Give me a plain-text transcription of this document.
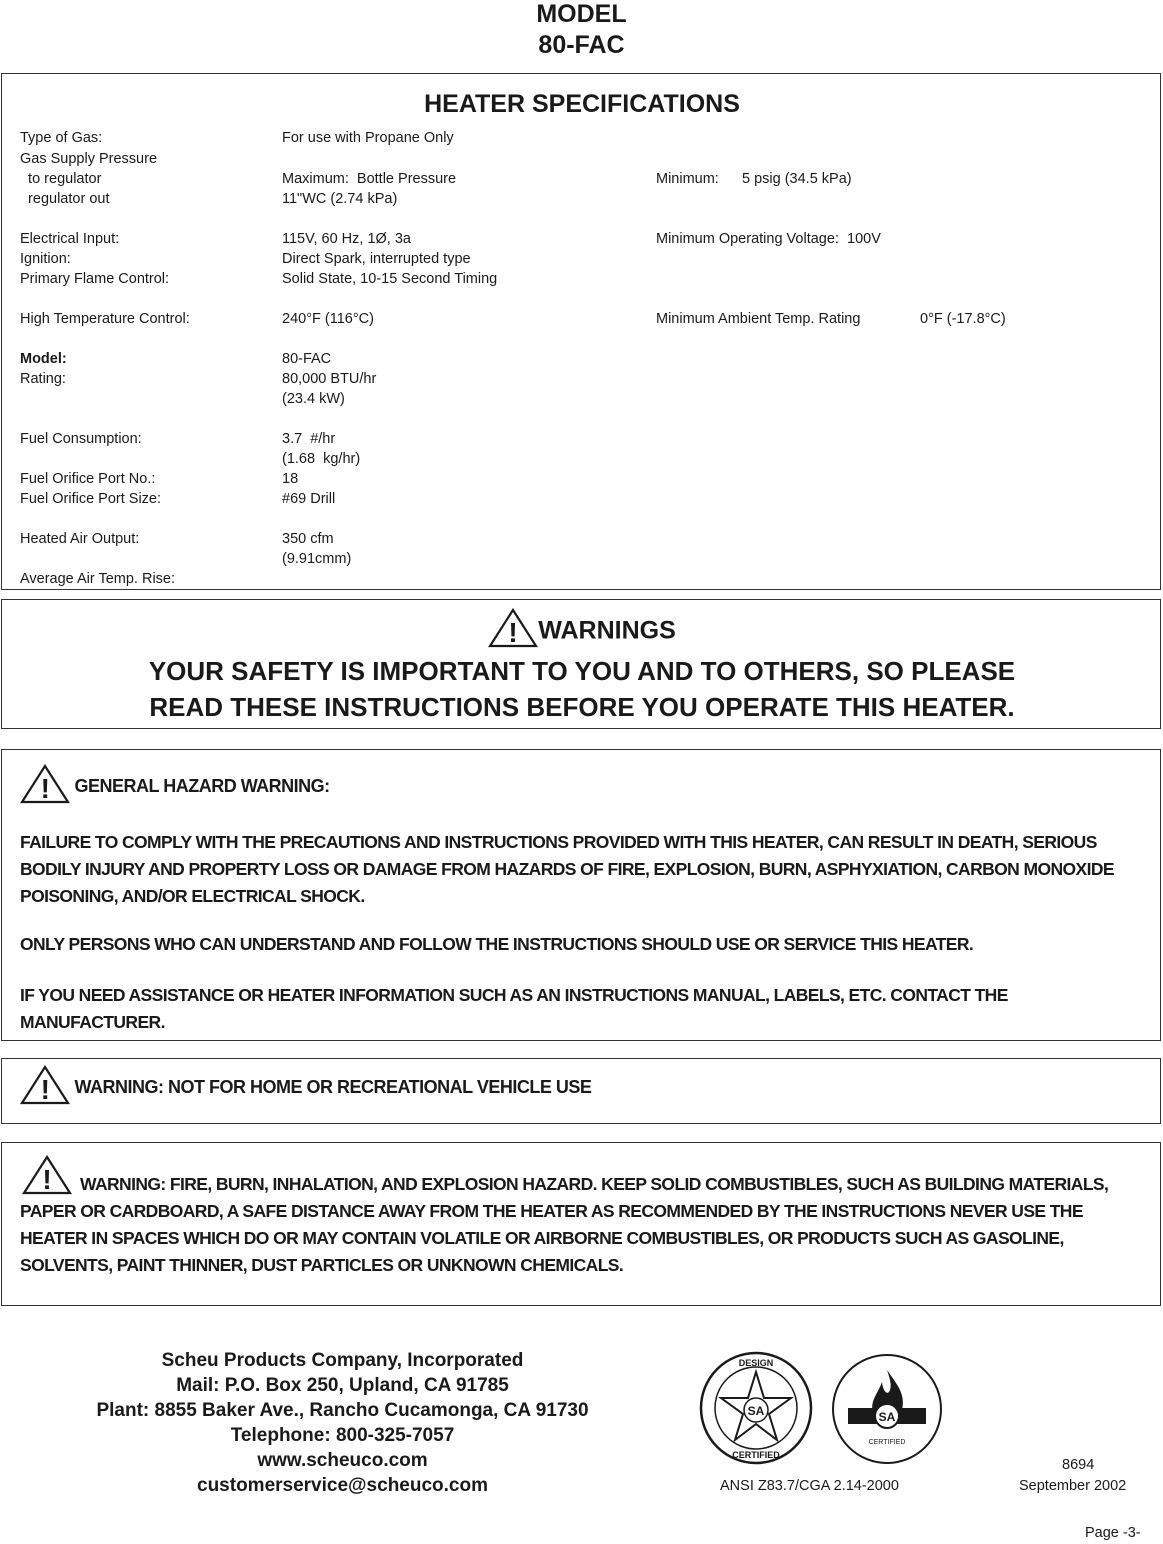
MODEL
80-FAC
HEATER SPECIFICATIONS
Type of Gas:	For use with Propane Only
Gas Supply Pressure
to regulator	Maximum:  Bottle Pressure	Minimum: 5 psig (34.5 kPa)
regulator out	11"WC (2.74 kPa)
Electrical Input:	115V, 60 Hz, 1Ø, 3a	Minimum Operating Voltage:  100V
Ignition:	Direct Spark, interrupted type
Primary Flame Control:	Solid State, 10-15 Second Timing
High Temperature Control:	240°F (116°C)	Minimum Ambient Temp. Rating	0°F (-17.8°C)
Model:	80-FAC
Rating:	80,000 BTU/hr
(23.4 kW)
Fuel Consumption:	3.7  #/hr
(1.68  kg/hr)
Fuel Orifice Port No.:	18
Fuel Orifice Port Size:	#69 Drill
Heated Air Output:	350 cfm
(9.91cmm)
Average Air Temp. Rise:
! WARNINGS
YOUR SAFETY IS IMPORTANT TO YOU AND TO OTHERS, SO PLEASE
READ THESE INSTRUCTIONS BEFORE YOU OPERATE THIS HEATER.
! GENERAL HAZARD WARNING:
FAILURE TO COMPLY WITH THE PRECAUTIONS AND INSTRUCTIONS PROVIDED WITH THIS HEATER, CAN RESULT IN DEATH, SERIOUS BODILY INJURY AND PROPERTY LOSS OR DAMAGE FROM HAZARDS OF FIRE, EXPLOSION, BURN, ASPHYXIATION, CARBON MONOXIDE POISONING, AND/OR ELECTRICAL SHOCK.
ONLY PERSONS WHO CAN UNDERSTAND AND FOLLOW THE INSTRUCTIONS SHOULD USE OR SERVICE THIS HEATER.
IF YOU NEED ASSISTANCE OR HEATER INFORMATION SUCH AS AN INSTRUCTIONS MANUAL, LABELS, ETC. CONTACT THE MANUFACTURER.
! WARNING: NOT FOR HOME OR RECREATIONAL VEHICLE USE
!	WARNING: FIRE, BURN, INHALATION, AND EXPLOSION HAZARD. KEEP SOLID COMBUSTIBLES, SUCH AS BUILDING MATERIALS, PAPER OR CARDBOARD, A SAFE DISTANCE AWAY FROM THE HEATER AS RECOMMENDED BY THE INSTRUCTIONS NEVER USE THE HEATER IN SPACES WHICH DO OR MAY CONTAIN VOLATILE OR AIRBORNE COMBUSTIBLES, OR PRODUCTS SUCH AS GASOLINE, SOLVENTS, PAINT THINNER, DUST PARTICLES OR UNKNOWN CHEMICALS.
Scheu Products Company, Incorporated
Mail: P.O. Box 250, Upland, CA 91785
Plant: 8855 Baker Ave., Rancho Cucamonga, CA 91730
Telephone: 800-325-7057
www.scheuco.com
customerservice@scheuco.com
DESIGN
CERTIFIED
SA	SA
CERTIFIED
ANSI Z83.7/CGA 2.14-2000
8694
September 2002
Page -3-
